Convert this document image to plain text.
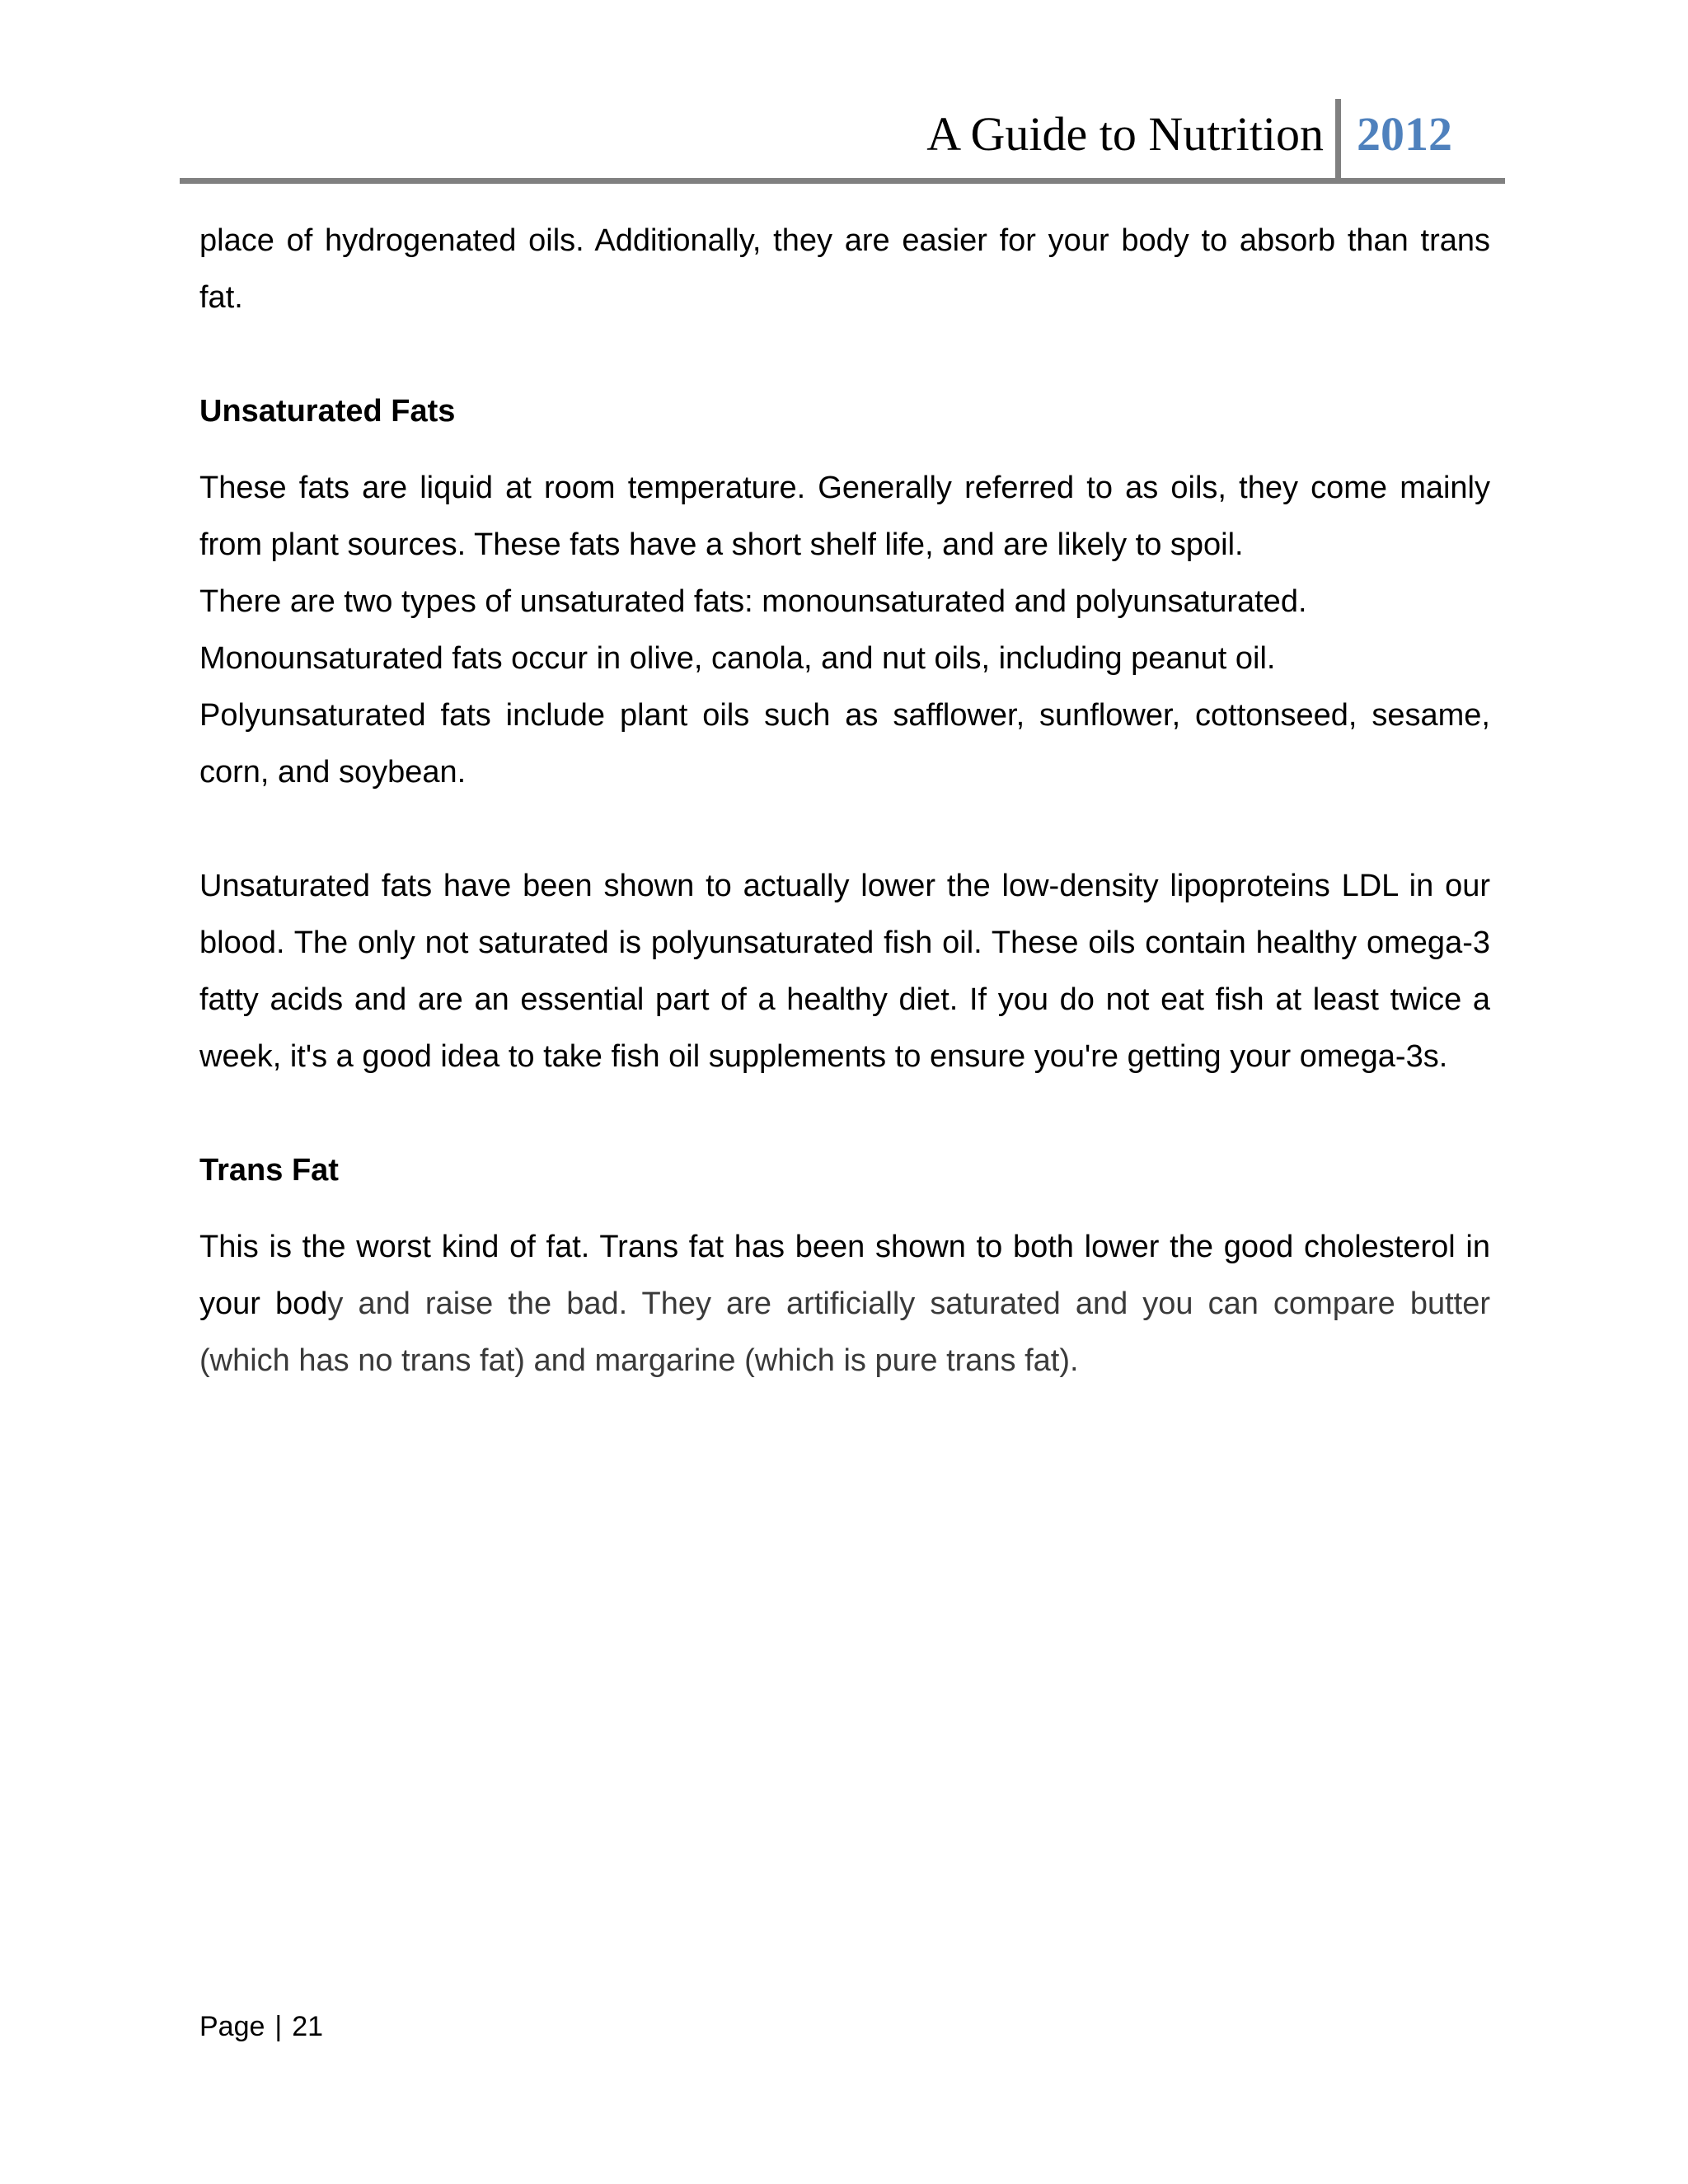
A Guide to Nutrition 2012

place of hydrogenated oils. Additionally, they are easier for your body to absorb than trans fat.

Unsaturated Fats

These fats are liquid at room temperature. Generally referred to as oils, they come mainly from plant sources. These fats have a short shelf life, and are likely to spoil.

There are two types of unsaturated fats: monounsaturated and polyunsaturated.

Monounsaturated fats occur in olive, canola, and nut oils, including peanut oil.

Polyunsaturated fats include plant oils such as safflower, sunflower, cottonseed, sesame, corn, and soybean.

Unsaturated fats have been shown to actually lower the low-density lipoproteins LDL in our blood. The only not saturated is polyunsaturated fish oil. These oils contain healthy omega-3 fatty acids and are an essential part of a healthy diet. If you do not eat fish at least twice a week, it's a good idea to take fish oil supplements to ensure you're getting your omega-3s.

Trans Fat

This is the worst kind of fat. Trans fat has been shown to both lower the good cholesterol in your body and raise the bad. They are artificially saturated and you can compare butter (which has no trans fat) and margarine (which is pure trans fat).

Page | 21
